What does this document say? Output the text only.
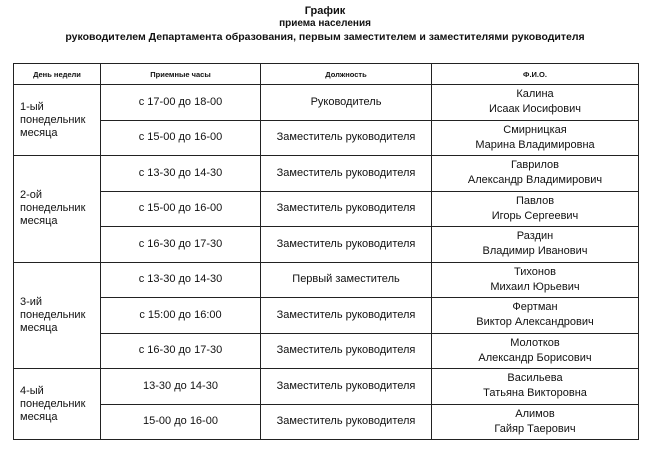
График
приема населения
руководителем Департамента образования, первым заместителем и заместителями руководителя
День недели	Приемные часы	Должность	Ф.И.О.

1-ый
понедельник
месяца	с 17-00 до 18-00	Руководитель	Калина
Исаак Иосифович

	с 15-00 до 16-00	Заместитель руководителя	Смирницкая
Марина Владимировна

2-ой
понедельник
месяца	с 13-30 до 14-30	Заместитель руководителя	Гаврилов
Александр Владимирович

	с 15-00 до 16-00	Заместитель руководителя	Павлов
Игорь Сергеевич

	с 16-30 до 17-30	Заместитель руководителя	Раздин
Владимир Иванович

3-ий
понедельник
месяца	с 13-30 до 14-30	Первый заместитель	Тихонов
Михаил Юрьевич

	с 15:00 до 16:00	Заместитель руководителя	Фертман
Виктор Александрович

	с 16-30 до 17-30	Заместитель руководителя	Молотков
Александр Борисович

4-ый
понедельник
месяца	13-30 до 14-30	Заместитель руководителя	Васильева
Татьяна Викторовна

	15-00 до 16-00	Заместитель руководителя	Алимов
Гайяр Таерович
